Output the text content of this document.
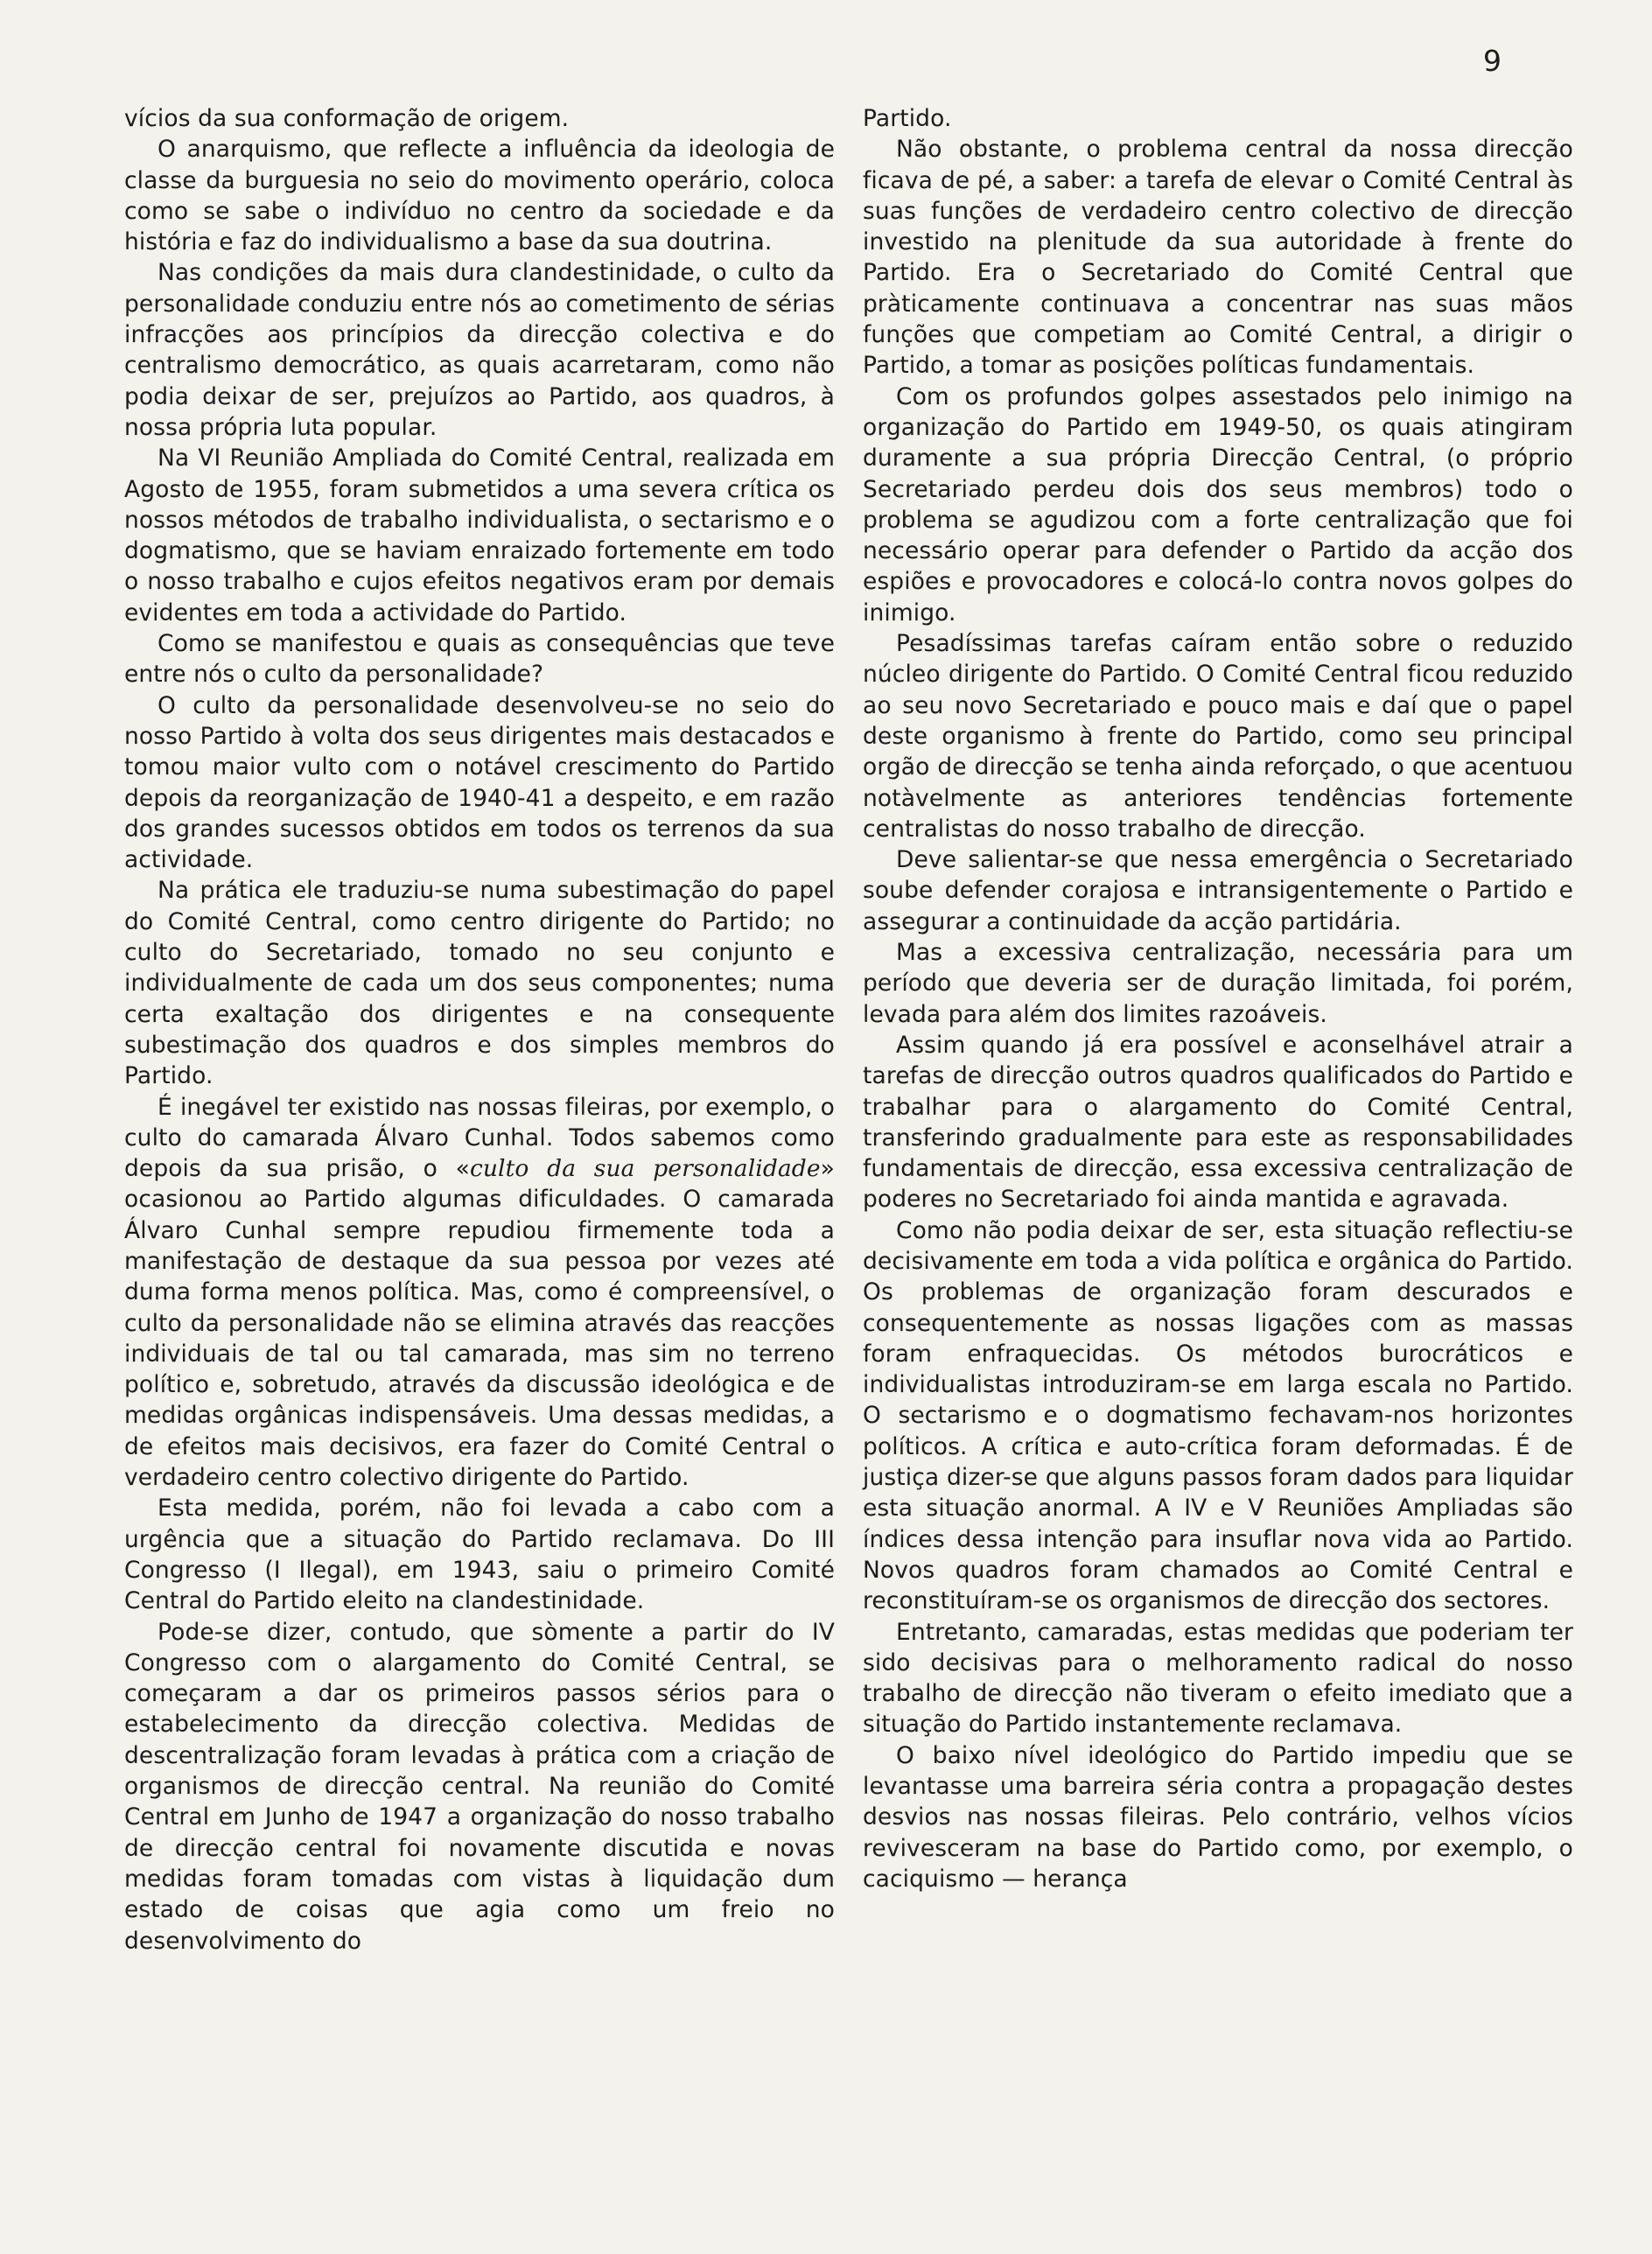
9

vícios da sua conformação de origem.

O anarquismo, que reflecte a influência da ideologia de classe da burguesia no seio do movimento operário, coloca como se sabe o indivíduo no centro da sociedade e da história e faz do individualismo a base da sua doutrina.

Nas condições da mais dura clandestinidade, o culto da personalidade conduziu entre nós ao cometimento de sérias infracções aos princípios da direcção colectiva e do centralismo democrático, as quais acarretaram, como não podia deixar de ser, prejuízos ao Partido, aos quadros, à nossa própria luta popular.

Na VI Reunião Ampliada do Comité Central, realizada em Agosto de 1955, foram submetidos a uma severa crítica os nossos métodos de trabalho individualista, o sectarismo e o dogmatismo, que se haviam enraizado fortemente em todo o nosso trabalho e cujos efeitos negativos eram por demais evidentes em toda a actividade do Partido.

Como se manifestou e quais as consequências que teve entre nós o culto da personalidade?

O culto da personalidade desenvolveu-se no seio do nosso Partido à volta dos seus dirigentes mais destacados e tomou maior vulto com o notável crescimento do Partido depois da reorganização de 1940-41 a despeito, e em razão dos grandes sucessos obtidos em todos os terrenos da sua actividade.

Na prática ele traduziu-se numa subestimação do papel do Comité Central, como centro dirigente do Partido; no culto do Secretariado, tomado no seu conjunto e individualmente de cada um dos seus componentes; numa certa exaltação dos dirigentes e na consequente subestimação dos quadros e dos simples membros do Partido.

É inegável ter existido nas nossas fileiras, por exemplo, o culto do camarada Álvaro Cunhal. Todos sabemos como depois da sua prisão, o «culto da sua personalidade» ocasionou ao Partido algumas dificuldades. O camarada Álvaro Cunhal sempre repudiou firmemente toda a manifestação de destaque da sua pessoa por vezes até duma forma menos política. Mas, como é compreensível, o culto da personalidade não se elimina através das reacções individuais de tal ou tal camarada, mas sim no terreno político e, sobretudo, através da discussão ideológica e de medidas orgânicas indispensáveis. Uma dessas medidas, a de efeitos mais decisivos, era fazer do Comité Central o verdadeiro centro colectivo dirigente do Partido.

Esta medida, porém, não foi levada a cabo com a urgência que a situação do Partido reclamava. Do III Congresso (I Ilegal), em 1943, saiu o primeiro Comité Central do Partido eleito na clandestinidade.

Pode-se dizer, contudo, que sòmente a partir do IV Congresso com o alargamento do Comité Central, se começaram a dar os primeiros passos sérios para o estabelecimento da direcção colectiva. Medidas de descentralização foram levadas à prática com a criação de organismos de direcção central. Na reunião do Comité Central em Junho de 1947 a organização do nosso trabalho de direcção central foi novamente discutida e novas medidas foram tomadas com vistas à liquidação dum estado de coisas que agia como um freio no desenvolvimento do

Partido.

Não obstante, o problema central da nossa direcção ficava de pé, a saber: a tarefa de elevar o Comité Central às suas funções de verdadeiro centro colectivo de direcção investido na plenitude da sua autoridade à frente do Partido. Era o Secretariado do Comité Central que pràticamente continuava a concentrar nas suas mãos funções que competiam ao Comité Central, a dirigir o Partido, a tomar as posições políticas fundamentais.

Com os profundos golpes assestados pelo inimigo na organização do Partido em 1949-50, os quais atingiram duramente a sua própria Direcção Central, (o próprio Secretariado perdeu dois dos seus membros) todo o problema se agudizou com a forte centralização que foi necessário operar para defender o Partido da acção dos espiões e provocadores e colocá-lo contra novos golpes do inimigo.

Pesadíssimas tarefas caíram então sobre o reduzido núcleo dirigente do Partido. O Comité Central ficou reduzido ao seu novo Secretariado e pouco mais e daí que o papel deste organismo à frente do Partido, como seu principal orgão de direcção se tenha ainda reforçado, o que acentuou notàvelmente as anteriores tendências fortemente centralistas do nosso trabalho de direcção.

Deve salientar-se que nessa emergência o Secretariado soube defender corajosa e intransigentemente o Partido e assegurar a continuidade da acção partidária.

Mas a excessiva centralização, necessária para um período que deveria ser de duração limitada, foi porém, levada para além dos limites razoáveis.

Assim quando já era possível e aconselhável atrair a tarefas de direcção outros quadros qualificados do Partido e trabalhar para o alargamento do Comité Central, transferindo gradualmente para este as responsabilidades fundamentais de direcção, essa excessiva centralização de poderes no Secretariado foi ainda mantida e agravada.

Como não podia deixar de ser, esta situação reflectiu-se decisivamente em toda a vida política e orgânica do Partido. Os problemas de organização foram descurados e consequentemente as nossas ligações com as massas foram enfraquecidas. Os métodos burocráticos e individualistas introduziram-se em larga escala no Partido. O sectarismo e o dogmatismo fechavam-nos horizontes políticos. A crítica e auto-crítica foram deformadas. É de justiça dizer-se que alguns passos foram dados para liquidar esta situação anormal. A IV e V Reuniões Ampliadas são índices dessa intenção para insuflar nova vida ao Partido. Novos quadros foram chamados ao Comité Central e reconstituíram-se os organismos de direcção dos sectores.

Entretanto, camaradas, estas medidas que poderiam ter sido decisivas para o melhoramento radical do nosso trabalho de direcção não tiveram o efeito imediato que a situação do Partido instantemente reclamava.

O baixo nível ideológico do Partido impediu que se levantasse uma barreira séria contra a propagação destes desvios nas nossas fileiras. Pelo contrário, velhos vícios revivesceram na base do Partido como, por exemplo, o caciquismo — herança
